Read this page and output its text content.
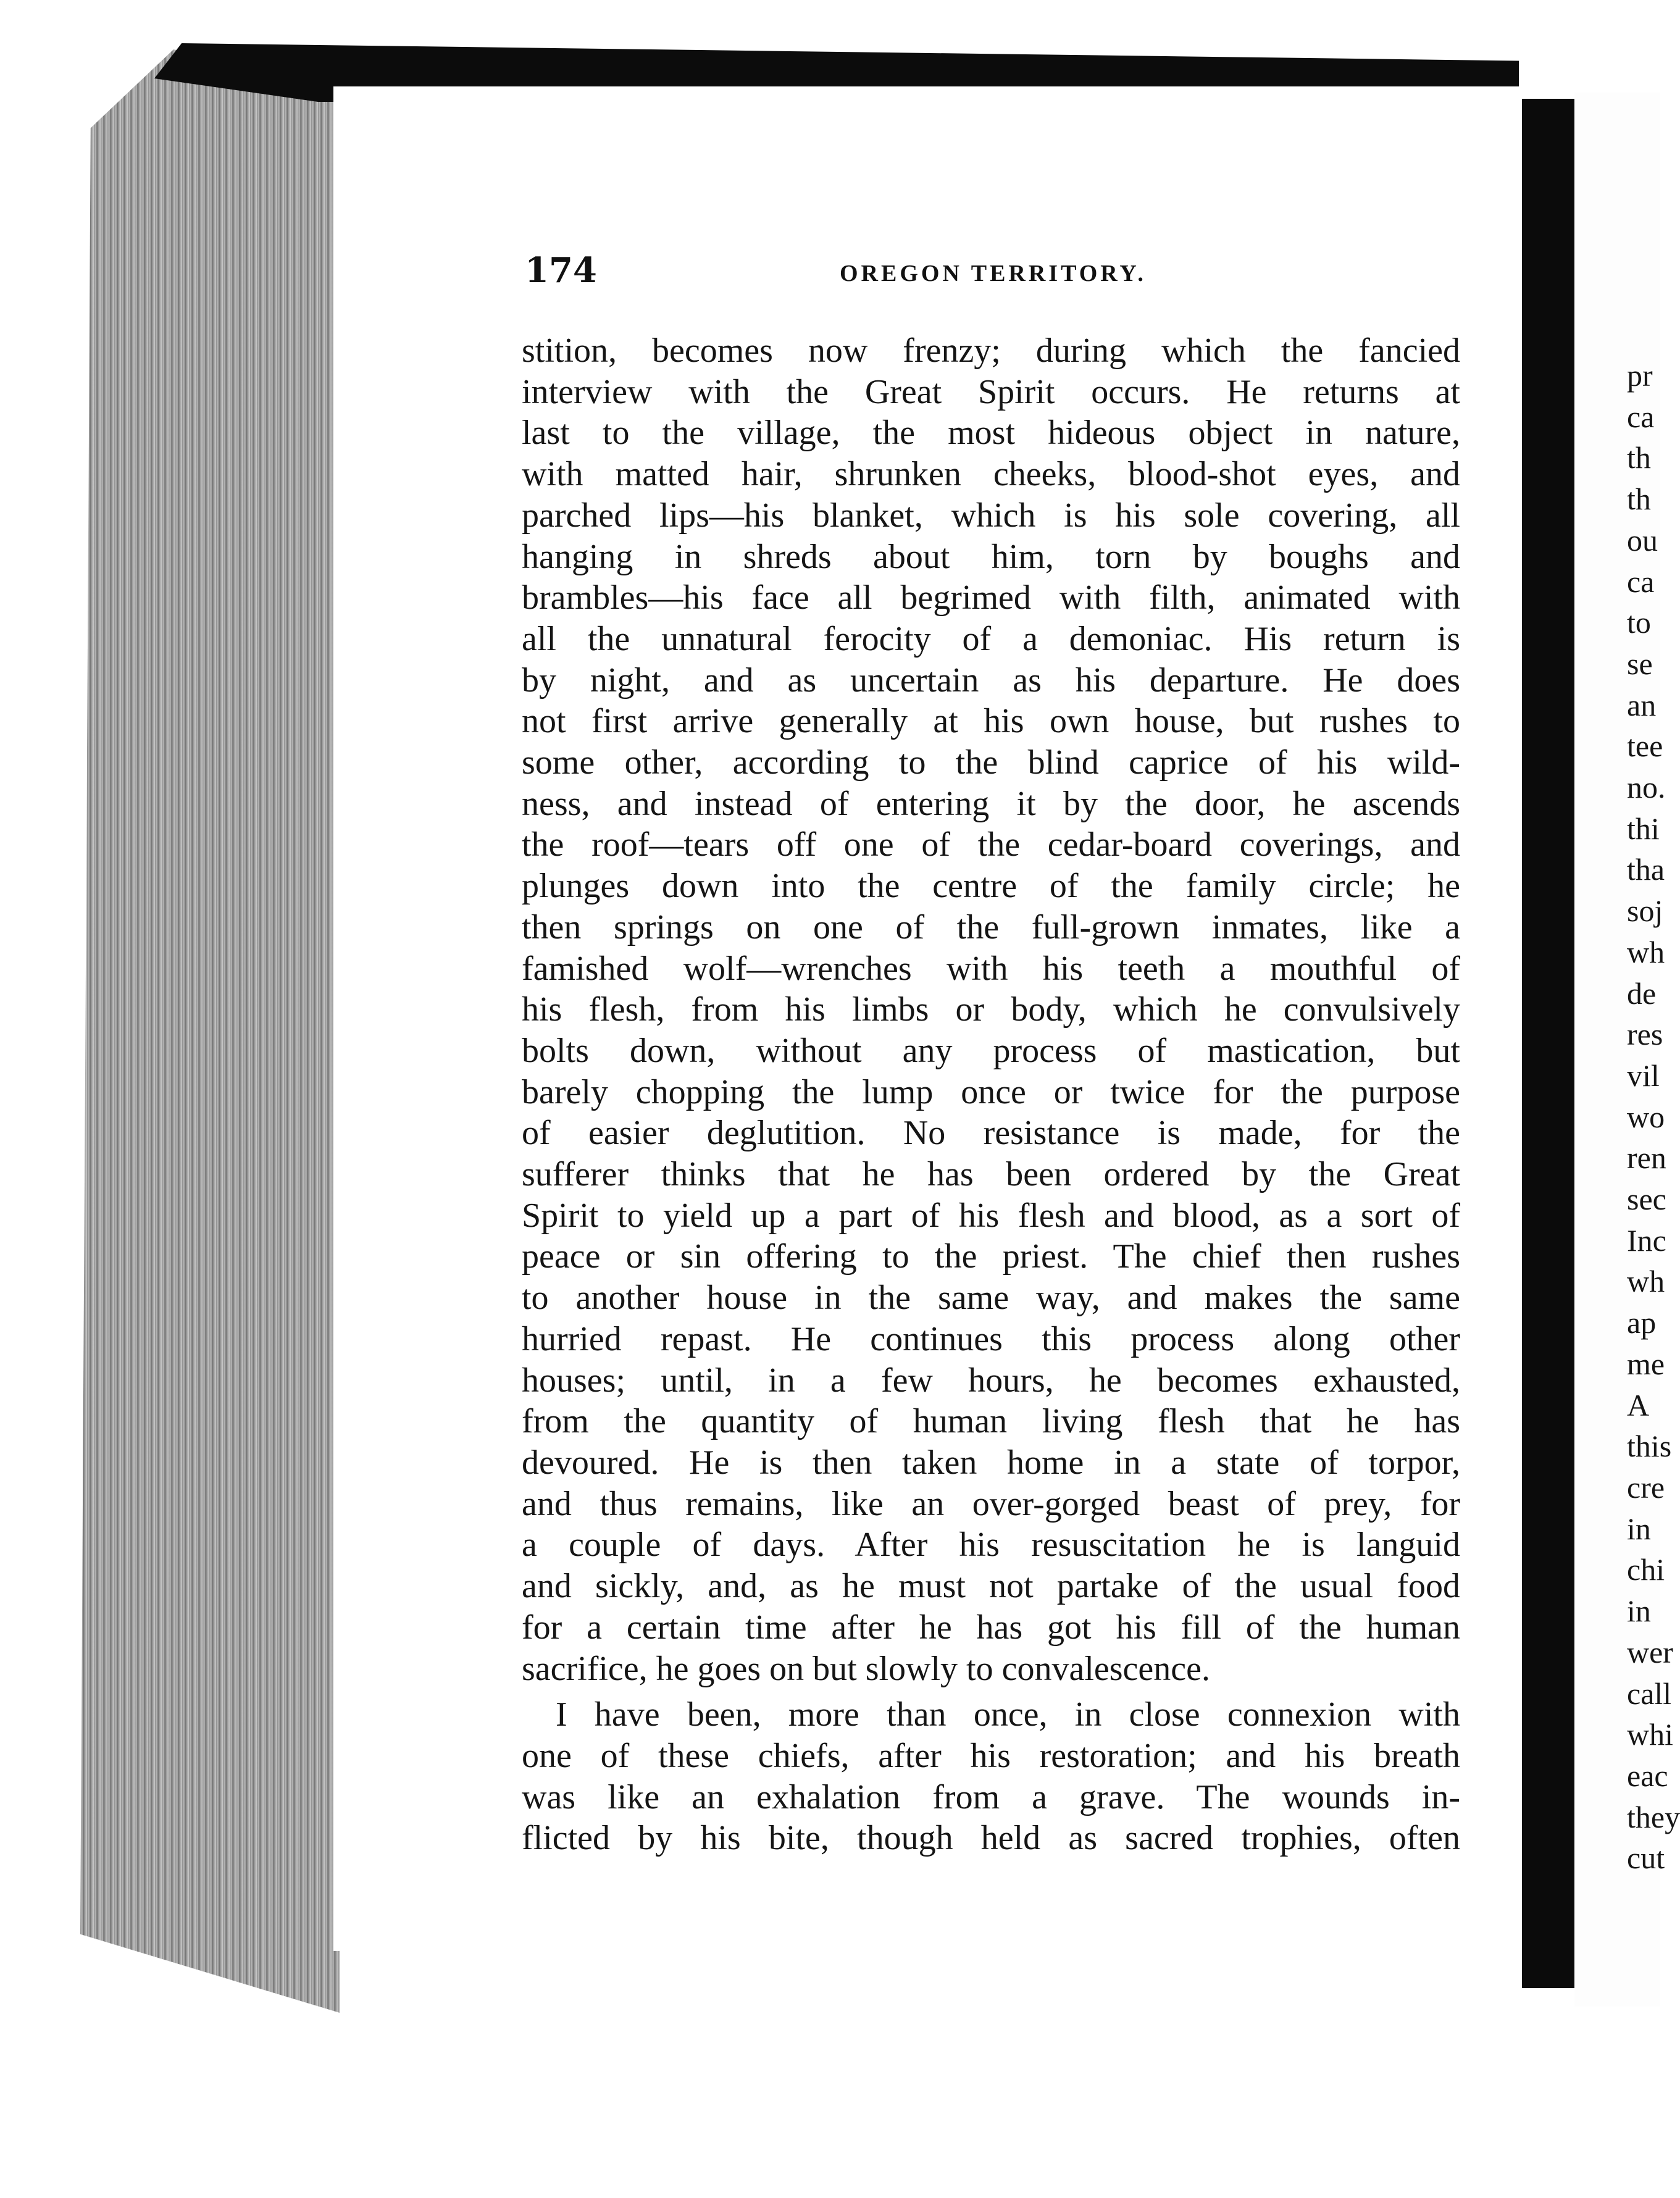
174	OREGON TERRITORY.
stition, becomes now frenzy; during which the fancied
interview with the Great Spirit occurs. He returns at
last to the village, the most hideous object in nature,
with matted hair, shrunken cheeks, blood-shot eyes, and
parched lips—his blanket, which is his sole covering, all
hanging in shreds about him, torn by boughs and
brambles—his face all begrimed with filth, animated with
all the unnatural ferocity of a demoniac. His return is
by night, and as uncertain as his departure. He does
not first arrive generally at his own house, but rushes to
some other, according to the blind caprice of his wild-
ness, and instead of entering it by the door, he ascends
the roof—tears off one of the cedar-board coverings, and
plunges down into the centre of the family circle; he
then springs on one of the full-grown inmates, like a
famished wolf—wrenches with his teeth a mouthful of
his flesh, from his limbs or body, which he convulsively
bolts down, without any process of mastication, but
barely chopping the lump once or twice for the purpose
of easier deglutition. No resistance is made, for the
sufferer thinks that he has been ordered by the Great
Spirit to yield up a part of his flesh and blood, as a sort of
peace or sin offering to the priest. The chief then rushes
to another house in the same way, and makes the same
hurried repast. He continues this process along other
houses; until, in a few hours, he becomes exhausted,
from the quantity of human living flesh that he has
devoured. He is then taken home in a state of torpor,
and thus remains, like an over-gorged beast of prey, for
a couple of days. After his resuscitation he is languid
and sickly, and, as he must not partake of the usual food
for a certain time after he has got his fill of the human
sacrifice, he goes on but slowly to convalescence.
I have been, more than once, in close connexion with
one of these chiefs, after his restoration; and his breath
was like an exhalation from a grave. The wounds in-
flicted by his bite, though held as sacred trophies, often
pr
ca
th
th
ou
ca
to
se
an
tee
no.
thi
tha
soj
wh
de
res
vil
wo
ren
sec
Inc
wh
ap
me
A
this
cre
in
chi
in
wer
call
whi
eac
they
cut
